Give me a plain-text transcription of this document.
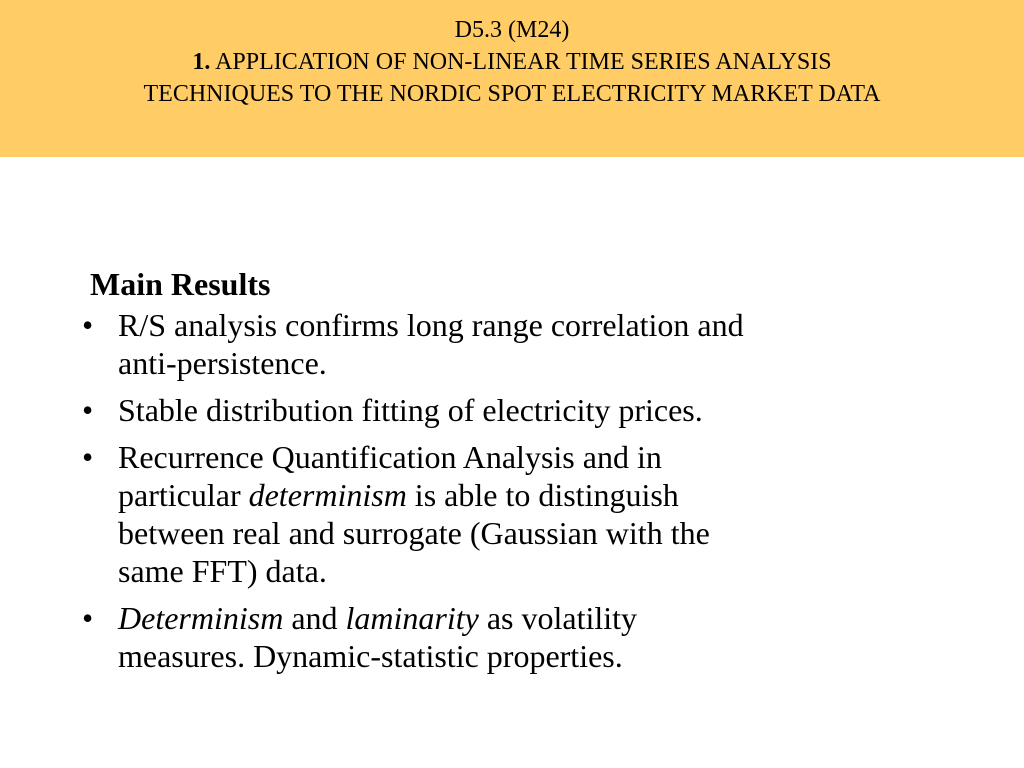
D5.3 (M24)
1. APPLICATION OF NON-LINEAR TIME SERIES ANALYSIS
TECHNIQUES TO THE NORDIC SPOT ELECTRICITY MARKET DATA
Main Results
• R/S analysis confirms long range correlation and
anti-persistence.
• Stable distribution fitting of electricity prices.
• Recurrence Quantification Analysis and in
particular determinism is able to distinguish
between real and surrogate (Gaussian with the
same FFT) data.
• Determinism and laminarity as volatility
measures. Dynamic-statistic properties.
